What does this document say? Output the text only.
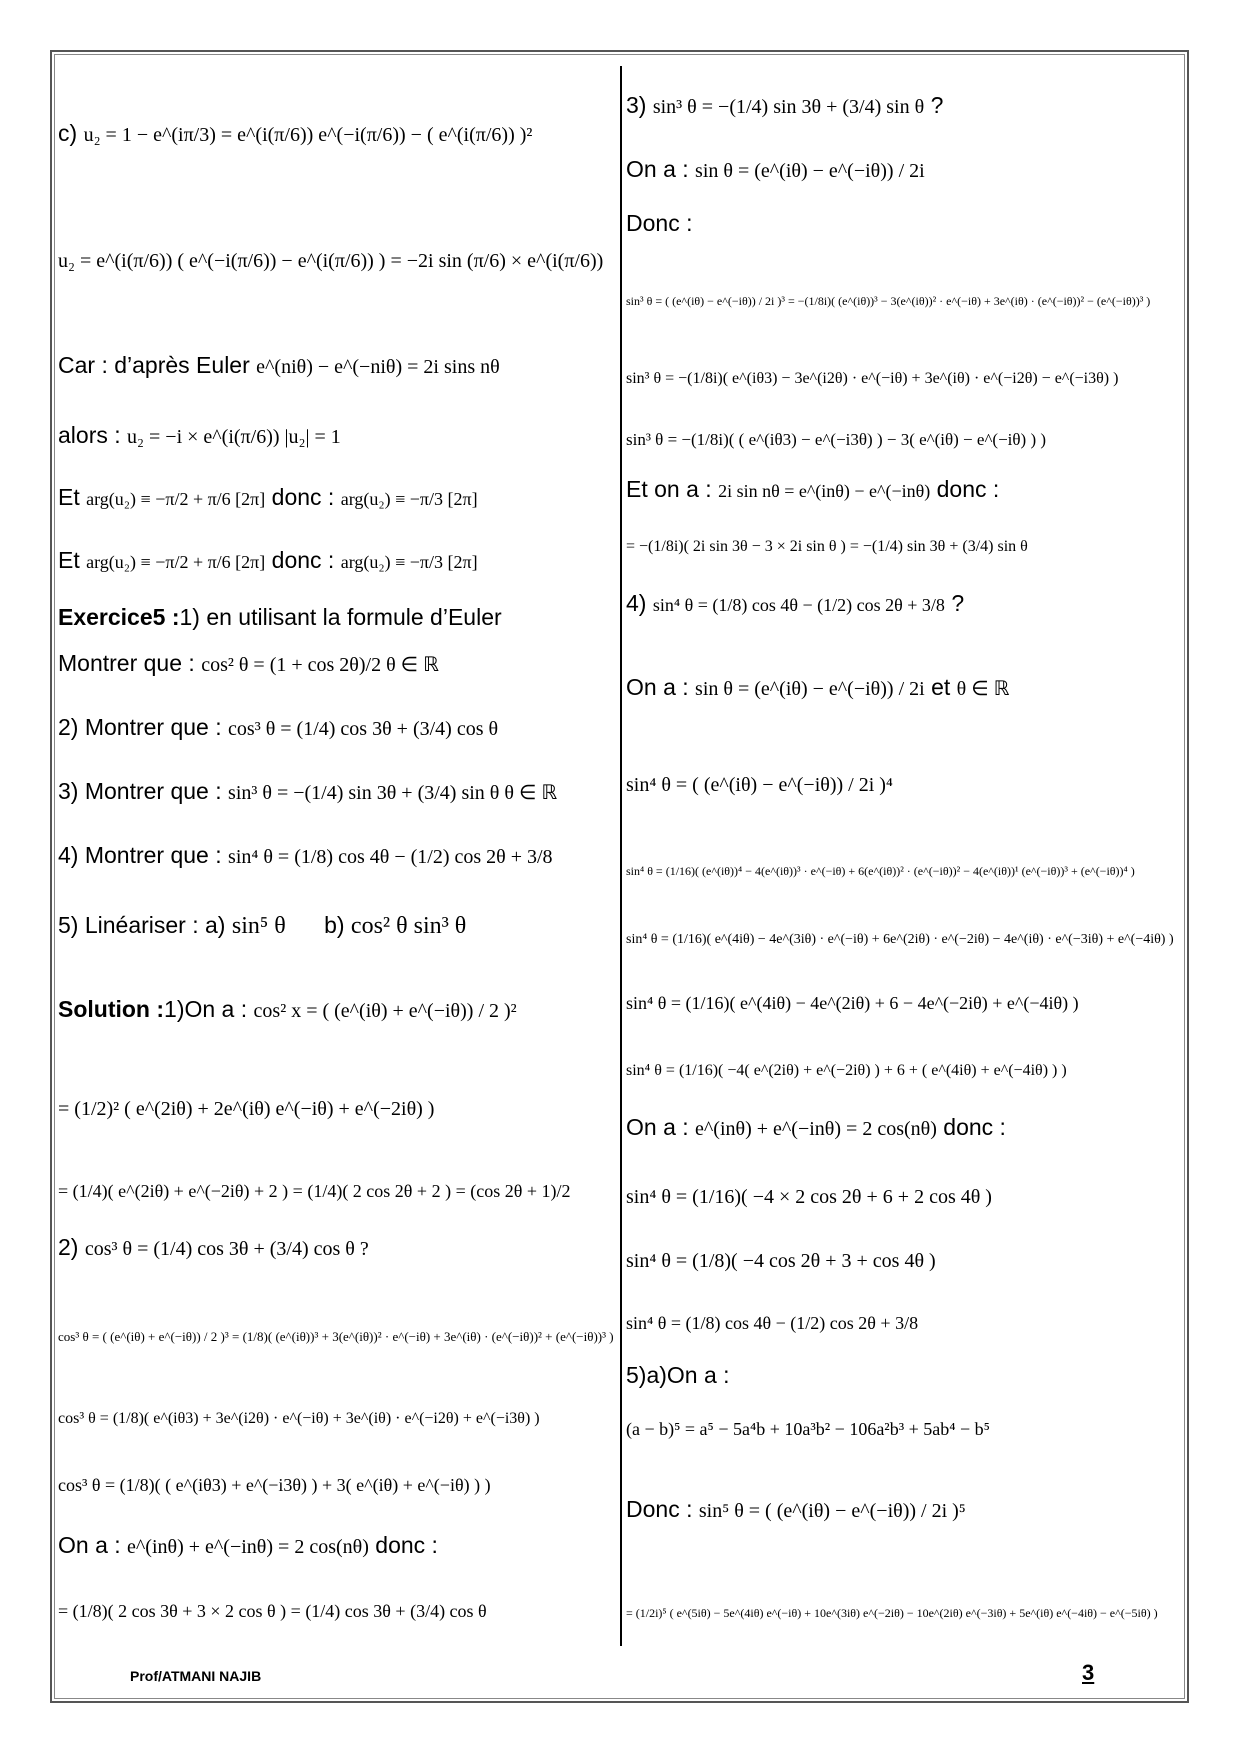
c) u₂ = 1 − e^(iπ/3) = e^(i(π/6)) e^(−i(π/6)) − ( e^(i(π/6)) )²
u₂ = e^(i(π/6)) ( e^(−i(π/6)) − e^(i(π/6)) ) = −2i sin (π/6) × e^(i(π/6))
Car : d’après Euler e^(niθ) − e^(−niθ) = 2i sins nθ
alors : u₂ = −i × e^(i(π/6)) |u₂| = 1
Et arg(u₂) ≡ −π/2 + π/6 [2π] donc : arg(u₂) ≡ −π/3 [2π]
Et arg(u₂) ≡ −π/2 + π/6 [2π] donc : arg(u₂) ≡ −π/3 [2π]
Exercice5 :1) en utilisant la formule d’Euler
Montrer que : cos² θ = (1 + cos 2θ)/2 θ ∈ ℝ
2) Montrer que : cos³ θ = (1/4) cos 3θ + (3/4) cos θ
3) Montrer que : sin³ θ = −(1/4) sin 3θ + (3/4) sin θ θ ∈ ℝ
4) Montrer que : sin⁴ θ = (1/8) cos 4θ − (1/2) cos 2θ + 3/8
5) Linéariser : a) sin⁵ θ b) cos² θ sin³ θ
Solution :1)On a : cos² x = ( (e^(iθ) + e^(−iθ)) / 2 )²
= (1/2)² ( e^(2iθ) + 2e^(iθ) e^(−iθ) + e^(−2iθ) )
= (1/4)( e^(2iθ) + e^(−2iθ) + 2 ) = (1/4)( 2 cos 2θ + 2 ) = (cos 2θ + 1)/2
2) cos³ θ = (1/4) cos 3θ + (3/4) cos θ ?
cos³ θ = ( (e^(iθ) + e^(−iθ)) / 2 )³ = (1/8)( (e^(iθ))³ + 3(e^(iθ))² · e^(−iθ) + 3e^(iθ) · (e^(−iθ))² + (e^(−iθ))³ )
cos³ θ = (1/8)( e^(iθ3) + 3e^(i2θ) · e^(−iθ) + 3e^(iθ) · e^(−i2θ) + e^(−i3θ) )
cos³ θ = (1/8)( ( e^(iθ3) + e^(−i3θ) ) + 3( e^(iθ) + e^(−iθ) ) )
On a : e^(inθ) + e^(−inθ) = 2 cos(nθ) donc :
= (1/8)( 2 cos 3θ + 3 × 2 cos θ ) = (1/4) cos 3θ + (3/4) cos θ
3) sin³ θ = −(1/4) sin 3θ + (3/4) sin θ ?
On a : sin θ = (e^(iθ) − e^(−iθ)) / 2i
Donc :
sin³ θ = ( (e^(iθ) − e^(−iθ)) / 2i )³ = −(1/8i)( (e^(iθ))³ − 3(e^(iθ))² · e^(−iθ) + 3e^(iθ) · (e^(−iθ))² − (e^(−iθ))³ )
sin³ θ = −(1/8i)( e^(iθ3) − 3e^(i2θ) · e^(−iθ) + 3e^(iθ) · e^(−i2θ) − e^(−i3θ) )
sin³ θ = −(1/8i)( ( e^(iθ3) − e^(−i3θ) ) − 3( e^(iθ) − e^(−iθ) ) )
Et on a : 2i sin nθ = e^(inθ) − e^(−inθ) donc :
= −(1/8i)( 2i sin 3θ − 3 × 2i sin θ ) = −(1/4) sin 3θ + (3/4) sin θ
4) sin⁴ θ = (1/8) cos 4θ − (1/2) cos 2θ + 3/8 ?
On a : sin θ = (e^(iθ) − e^(−iθ)) / 2i et θ ∈ ℝ
sin⁴ θ = ( (e^(iθ) − e^(−iθ)) / 2i )⁴
sin⁴ θ = (1/16)( (e^(iθ))⁴ − 4(e^(iθ))³ · e^(−iθ) + 6(e^(iθ))² · (e^(−iθ))² − 4(e^(iθ))¹ (e^(−iθ))³ + (e^(−iθ))⁴ )
sin⁴ θ = (1/16)( e^(4iθ) − 4e^(3iθ) · e^(−iθ) + 6e^(2iθ) · e^(−2iθ) − 4e^(iθ) · e^(−3iθ) + e^(−4iθ) )
sin⁴ θ = (1/16)( e^(4iθ) − 4e^(2iθ) + 6 − 4e^(−2iθ) + e^(−4iθ) )
sin⁴ θ = (1/16)( −4( e^(2iθ) + e^(−2iθ) ) + 6 + ( e^(4iθ) + e^(−4iθ) ) )
On a : e^(inθ) + e^(−inθ) = 2 cos(nθ) donc :
sin⁴ θ = (1/16)( −4 × 2 cos 2θ + 6 + 2 cos 4θ )
sin⁴ θ = (1/8)( −4 cos 2θ + 3 + cos 4θ )
sin⁴ θ = (1/8) cos 4θ − (1/2) cos 2θ + 3/8
5)a)On a :
(a − b)⁵ = a⁵ − 5a⁴b + 10a³b² − 106a²b³ + 5ab⁴ − b⁵
Donc : sin⁵ θ = ( (e^(iθ) − e^(−iθ)) / 2i )⁵
= (1/2i)⁵ ( e^(5iθ) − 5e^(4iθ) e^(−iθ) + 10e^(3iθ) e^(−2iθ) − 10e^(2iθ) e^(−3iθ) + 5e^(iθ) e^(−4iθ) − e^(−5iθ) )
Prof/ATMANI NAJIB	3
